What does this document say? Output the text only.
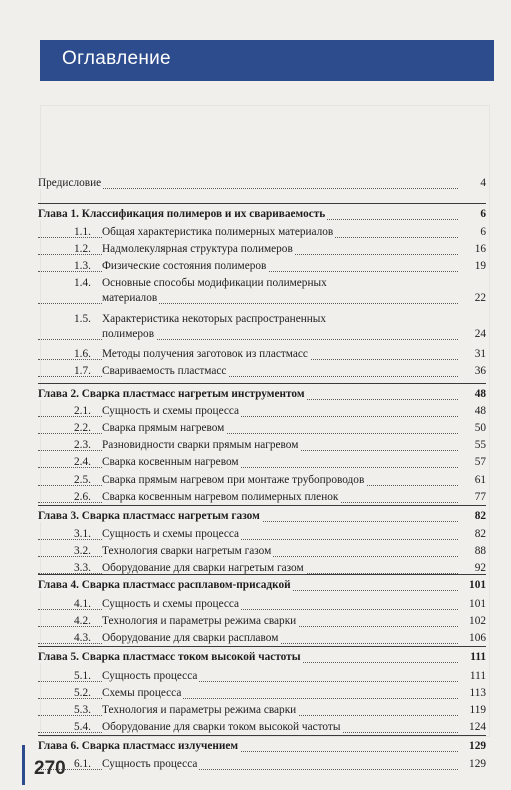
Оглавление
Предисловие	4
Глава 1. Классификация полимеров и их свариваемость	6
1.1. Общая характеристика полимерных материалов	6
1.2. Надмолекулярная структура полимеров	16
1.3. Физические состояния полимеров	19
1.4. Основные способы модификации полимерных
материалов	22
1.5. Характеристика некоторых распространенных
полимеров	24
1.6. Методы получения заготовок из пластмасс	31
1.7. Свариваемость пластмасс	36
Глава 2. Сварка пластмасс нагретым инструментом	48
2.1. Сущность и схемы процесса	48
2.2. Сварка прямым нагревом	50
2.3. Разновидности сварки прямым нагревом	55
2.4. Сварка косвенным нагревом	57
2.5. Сварка прямым нагревом при монтаже трубопроводов	61
2.6. Сварка косвенным нагревом полимерных пленок	77
Глава 3. Сварка пластмасс нагретым газом	82
3.1. Сущность и схемы процесса	82
3.2. Технология сварки нагретым газом	88
3.3. Оборудование для сварки нагретым газом	92
Глава 4. Сварка пластмасс расплавом-присадкой	101
4.1. Сущность и схемы процесса	101
4.2. Технология и параметры режима сварки	102
4.3. Оборудование для сварки расплавом	106
Глава 5. Сварка пластмасс током высокой частоты	111
5.1. Сущность процесса	111
5.2. Схемы процесса	113
5.3. Технология и параметры режима сварки	119
5.4. Оборудование для сварки током высокой частоты	124
Глава 6. Сварка пластмасс излучением	129
6.1. Сущность процесса	129
270
